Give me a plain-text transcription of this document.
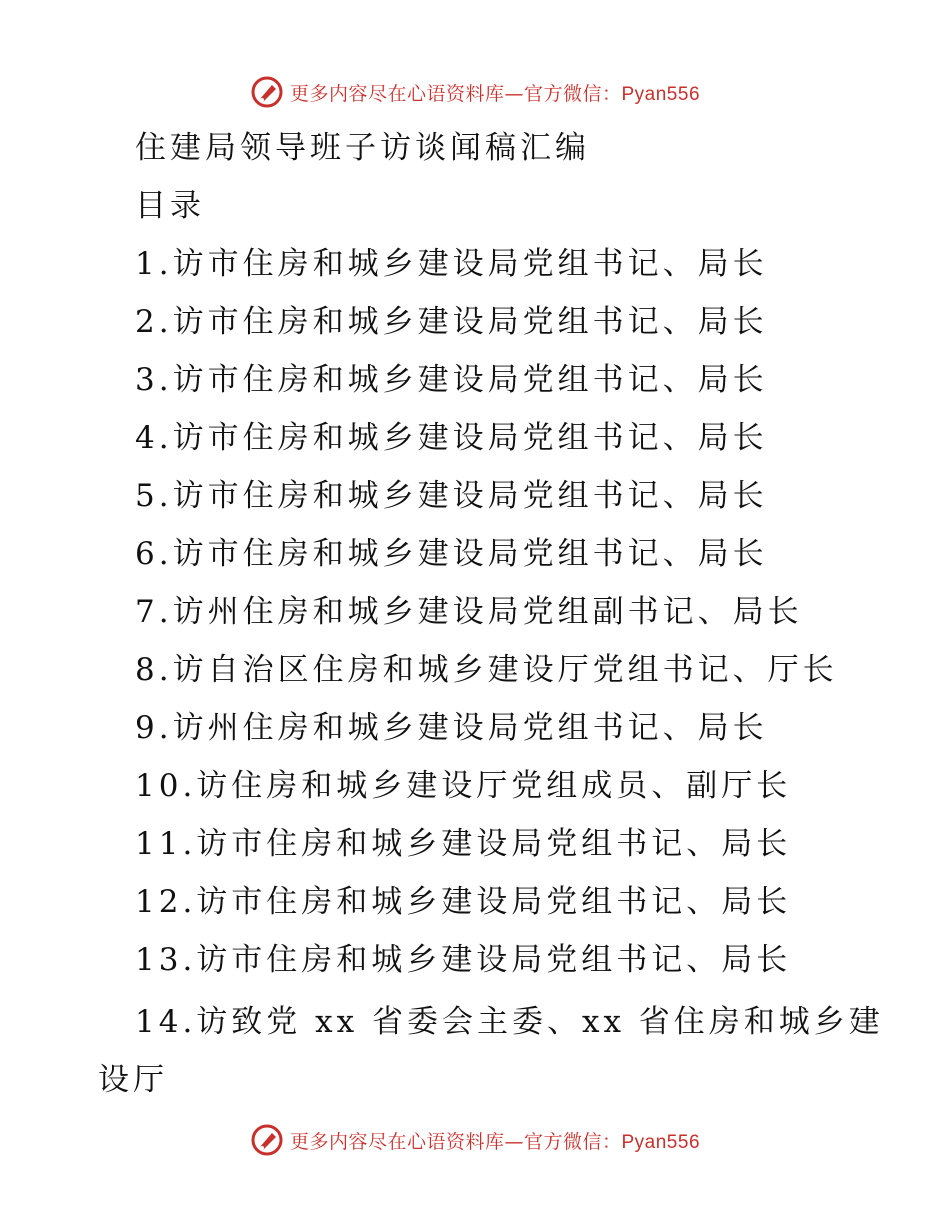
更多内容尽在心语资料库—官方微信：Pyan556
住建局领导班子访谈闻稿汇编
目录
1.访市住房和城乡建设局党组书记、局长
2.访市住房和城乡建设局党组书记、局长
3.访市住房和城乡建设局党组书记、局长
4.访市住房和城乡建设局党组书记、局长
5.访市住房和城乡建设局党组书记、局长
6.访市住房和城乡建设局党组书记、局长
7.访州住房和城乡建设局党组副书记、局长
8.访自治区住房和城乡建设厅党组书记、厅长
9.访州住房和城乡建设局党组书记、局长
10.访住房和城乡建设厅党组成员、副厅长
11.访市住房和城乡建设局党组书记、局长
12.访市住房和城乡建设局党组书记、局长
13.访市住房和城乡建设局党组书记、局长
14.访致党 xx 省委会主委、xx 省住房和城乡建
设厅
更多内容尽在心语资料库—官方微信：Pyan556
